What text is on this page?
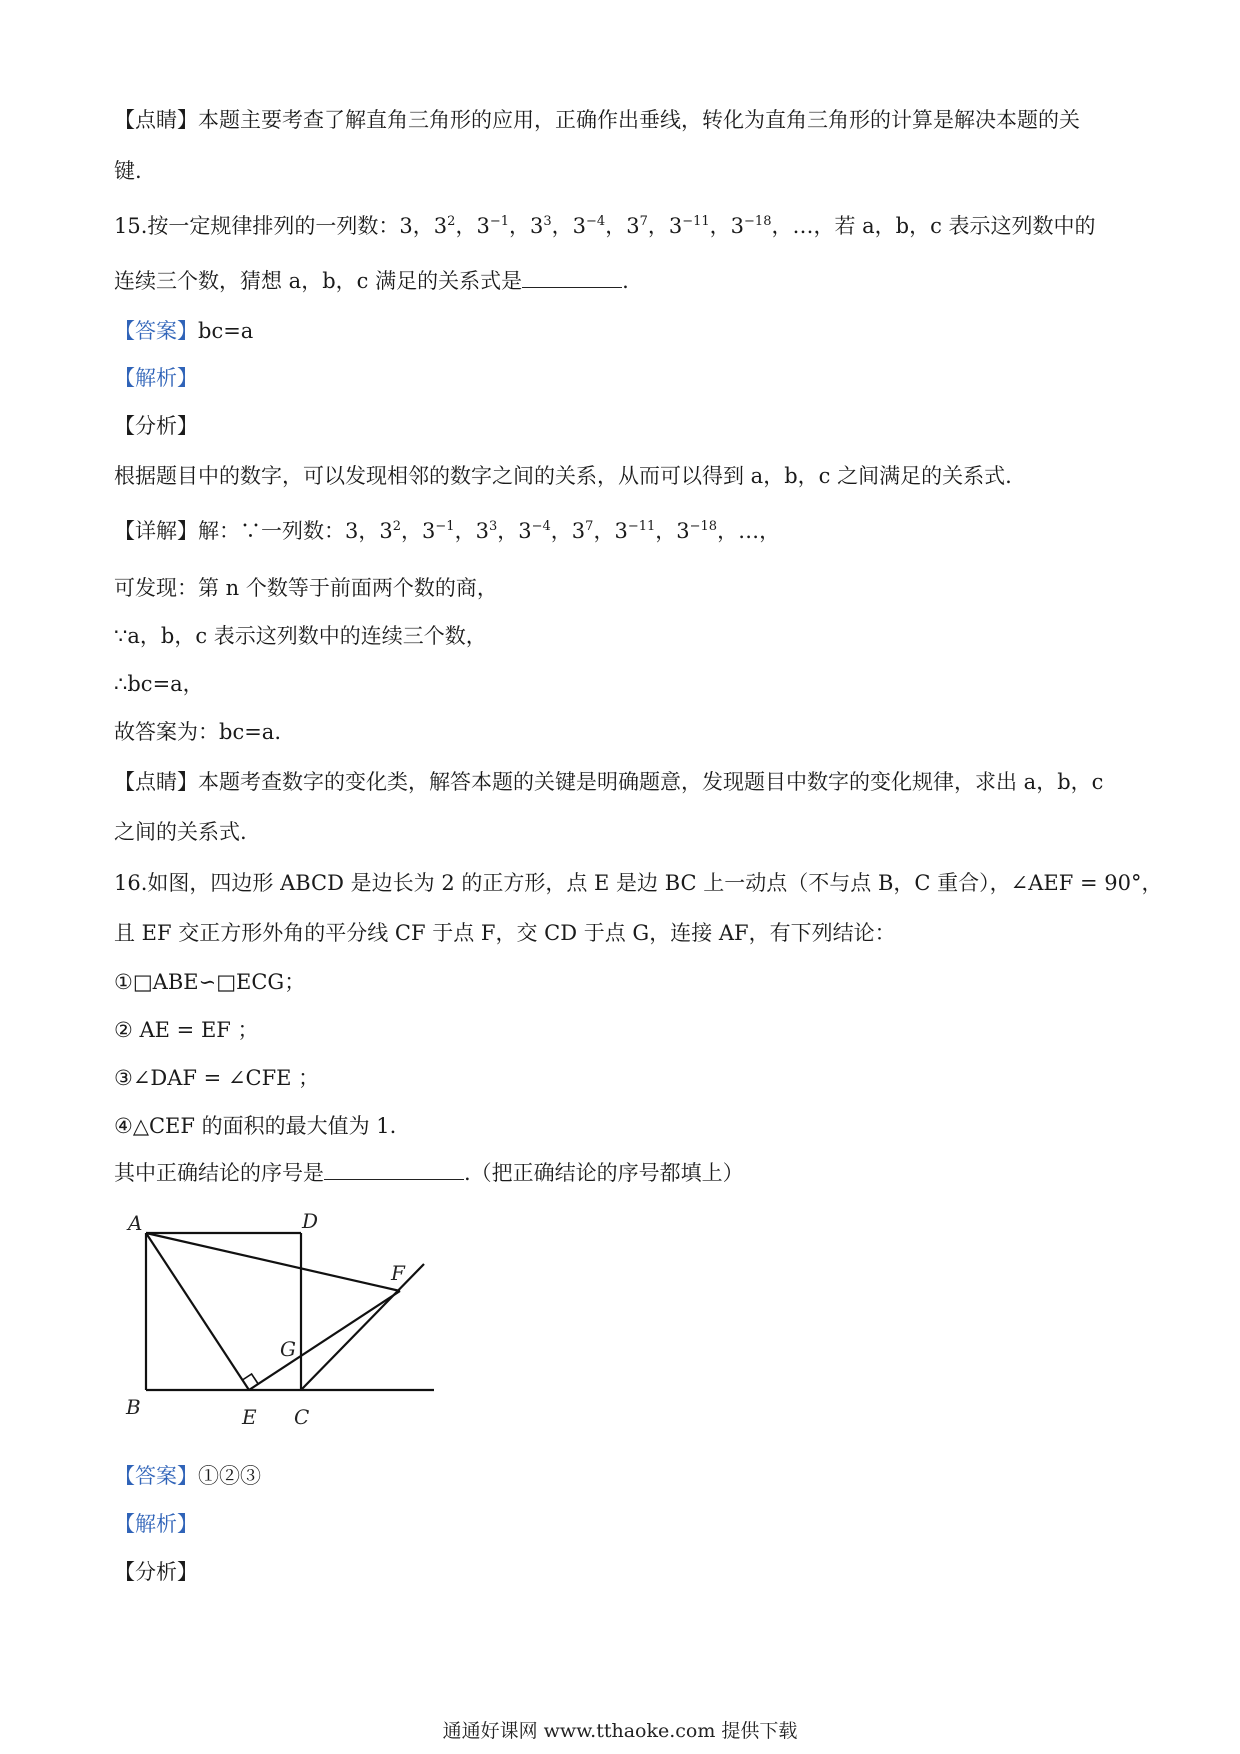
【点睛】本题主要考查了解直角三角形的应用，正确作出垂线，转化为直角三角形的计算是解决本题的关
键.
15.按一定规律排列的一列数：3，$3^2$，$3^{-1}$，$3^3$，$3^{-4}$，$3^7$，$3^{-11}$，$3^{-18}$，…，若 a，b，c 表示这列数中的
连续三个数，猜想 a，b，c 满足的关系式是	.
【答案】bc=a
【解析】
【分析】
根据题目中的数字，可以发现相邻的数字之间的关系，从而可以得到 a，b，c 之间满足的关系式.
【详解】解：∵一列数：3，$3^2$，$3^{-1}$，$3^3$，$3^{-4}$，$3^7$，$3^{-11}$，$3^{-18}$，…，
可发现：第 n 个数等于前面两个数的商，
∵a，b，c 表示这列数中的连续三个数，
∴bc=a，
故答案为：bc=a.
【点睛】本题考查数字的变化类，解答本题的关键是明确题意，发现题目中数字的变化规律，求出 a，b，c
之间的关系式.
16.如图，四边形 ABCD 是边长为 2 的正方形，点 E 是边 BC 上一动点（不与点 B，C 重合），∠AEF = 90°，
且 EF 交正方形外角的平分线 CF 于点 F，交 CD 于点 G，连接 AF，有下列结论：
①□ABE∽□ECG；
② AE = EF ；
③∠DAF = ∠CFE ；
④△CEF 的面积的最大值为 1.
其中正确结论的序号是	.（把正确结论的序号都填上）
A	D
F
G
B	E C
【答案】①②③
【解析】
【分析】
通通好课网 www.tthaoke.com 提供下载
